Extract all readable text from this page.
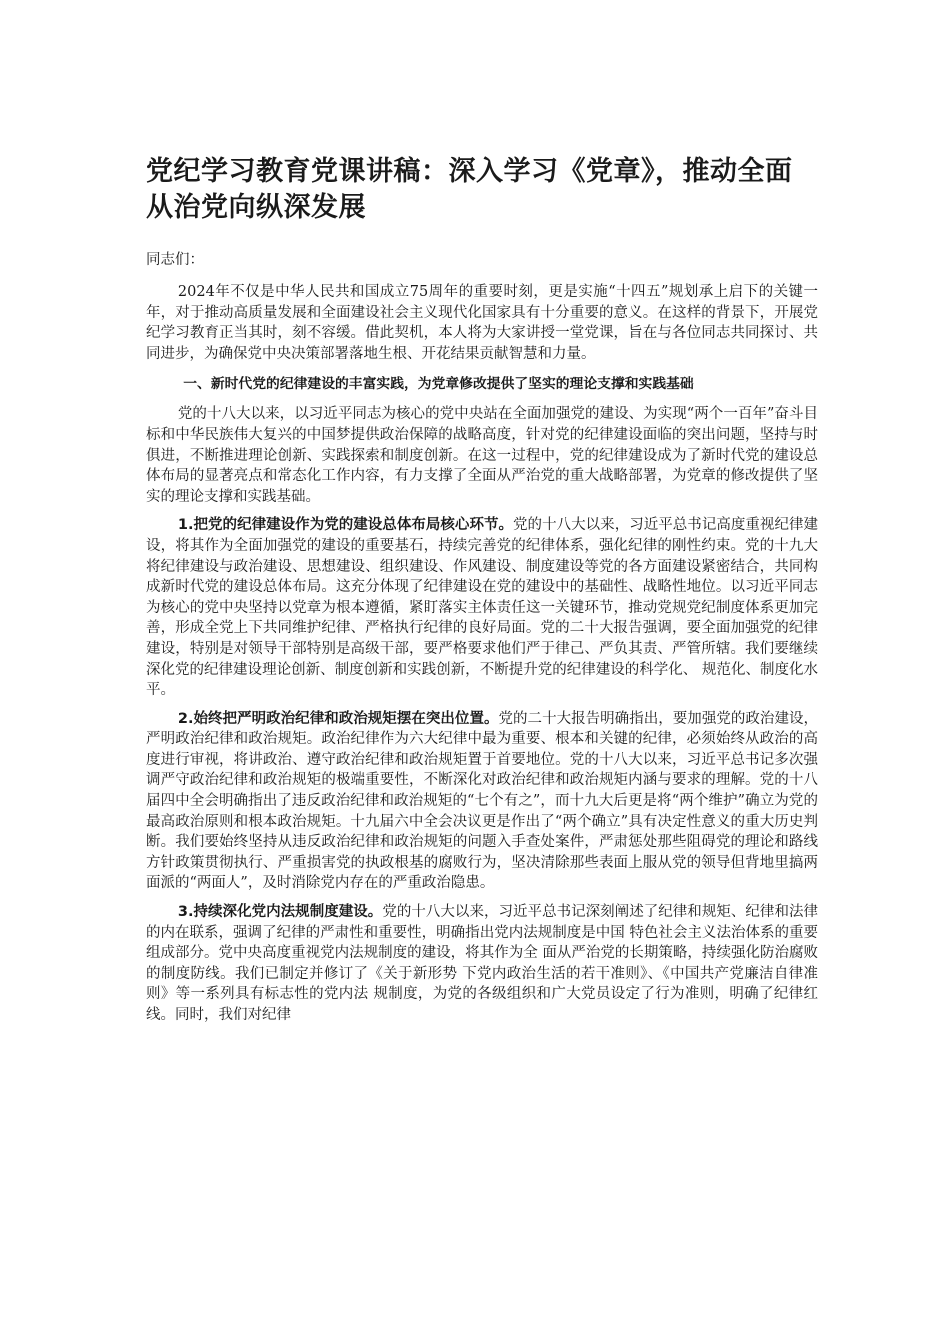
党纪学习教育党课讲稿：深入学习《党章》，推动全面从治党向纵深发展
同志们：

2024年不仅是中华人民共和国成立75周年的重要时刻，更是实施“十四五”规划承上启下的关键一年，对于推动高质量发展和全面建设社会主义现代化国家具有十分重要的意义。在这样的背景下，开展党纪学习教育正当其时，刻不容缓。借此契机，本人将为大家讲授一堂党课，旨在与各位同志共同探讨、共同进步，为确保党中央决策部署落地生根、开花结果贡献智慧和力量。

一、新时代党的纪律建设的丰富实践，为党章修改提供了坚实的理论支撑和实践基础

党的十八大以来，以习近平同志为核心的党中央站在全面加强党的建设、为实现“两个一百年”奋斗目标和中华民族伟大复兴的中国梦提供政治保障的战略高度，针对党的纪律建设面临的突出问题，坚持与时俱进，不断推进理论创新、实践探索和制度创新。在这一过程中，党的纪律建设成为了新时代党的建设总体布局的显著亮点和常态化工作内容，有力支撑了全面从严治党的重大战略部署，为党章的修改提供了坚实的理论支撑和实践基础。

1.把党的纪律建设作为党的建设总体布局核心环节。党的十八大以来，习近平总书记高度重视纪律建设，将其作为全面加强党的建设的重要基石，持续完善党的纪律体系，强化纪律的刚性约束。党的十九大将纪律建设与政治建设、思想建设、组织建设、作风建设、制度建设等党的各方面建设紧密结合，共同构成新时代党的建设总体布局。这充分体现了纪律建设在党的建设中的基础性、战略性地位。以习近平同志为核心的党中央坚持以党章为根本遵循，紧盯落实主体责任这一关键环节，推动党规党纪制度体系更加完善，形成全党上下共同维护纪律、严格执行纪律的良好局面。党的二十大报告强调，要全面加强党的纪律建设，特别是对领导干部特别是高级干部，要严格要求他们严于律己、严负其责、严管所辖。我们要继续深化党的纪律建设理论创新、制度创新和实践创新，不断提升党的纪律建设的科学化、 规范化、制度化水平。

2.始终把严明政治纪律和政治规矩摆在突出位置。党的二十大报告明确指出，要加强党的政治建设，严明政治纪律和政治规矩。政治纪律作为六大纪律中最为重要、根本和关键的纪律，必须始终从政治的高度进行审视，将讲政治、遵守政治纪律和政治规矩置于首要地位。党的十八大以来，习近平总书记多次强调严守政治纪律和政治规矩的极端重要性，不断深化对政治纪律和政治规矩内涵与要求的理解。党的十八届四中全会明确指出了违反政治纪律和政治规矩的“七个有之”，而十九大后更是将“两个维护”确立为党的最高政治原则和根本政治规矩。十九届六中全会决议更是作出了“两个确立”具有决定性意义的重大历史判断。我们要始终坚持从违反政治纪律和政治规矩的问题入手查处案件，严肃惩处那些阻碍党的理论和路线方针政策贯彻执行、严重损害党的执政根基的腐败行为，坚决清除那些表面上服从党的领导但背地里搞两面派的“两面人”，及时消除党内存在的严重政治隐患。

3.持续深化党内法规制度建设。党的十八大以来，习近平总书记深刻阐述了纪律和规矩、纪律和法律的内在联系，强调了纪律的严肃性和重要性，明确指出党内法规制度是中国 特色社会主义法治体系的重要组成部分。党中央高度重视党内法规制度的建设，将其作为全 面从严治党的长期策略，持续强化防治腐败的制度防线。我们已制定并修订了《关于新形势 下党内政治生活的若干准则》、《中国共产党廉洁自律准则》等一系列具有标志性的党内法 规制度，为党的各级组织和广大党员设定了行为准则，明确了纪律红线。同时，我们对纪律
